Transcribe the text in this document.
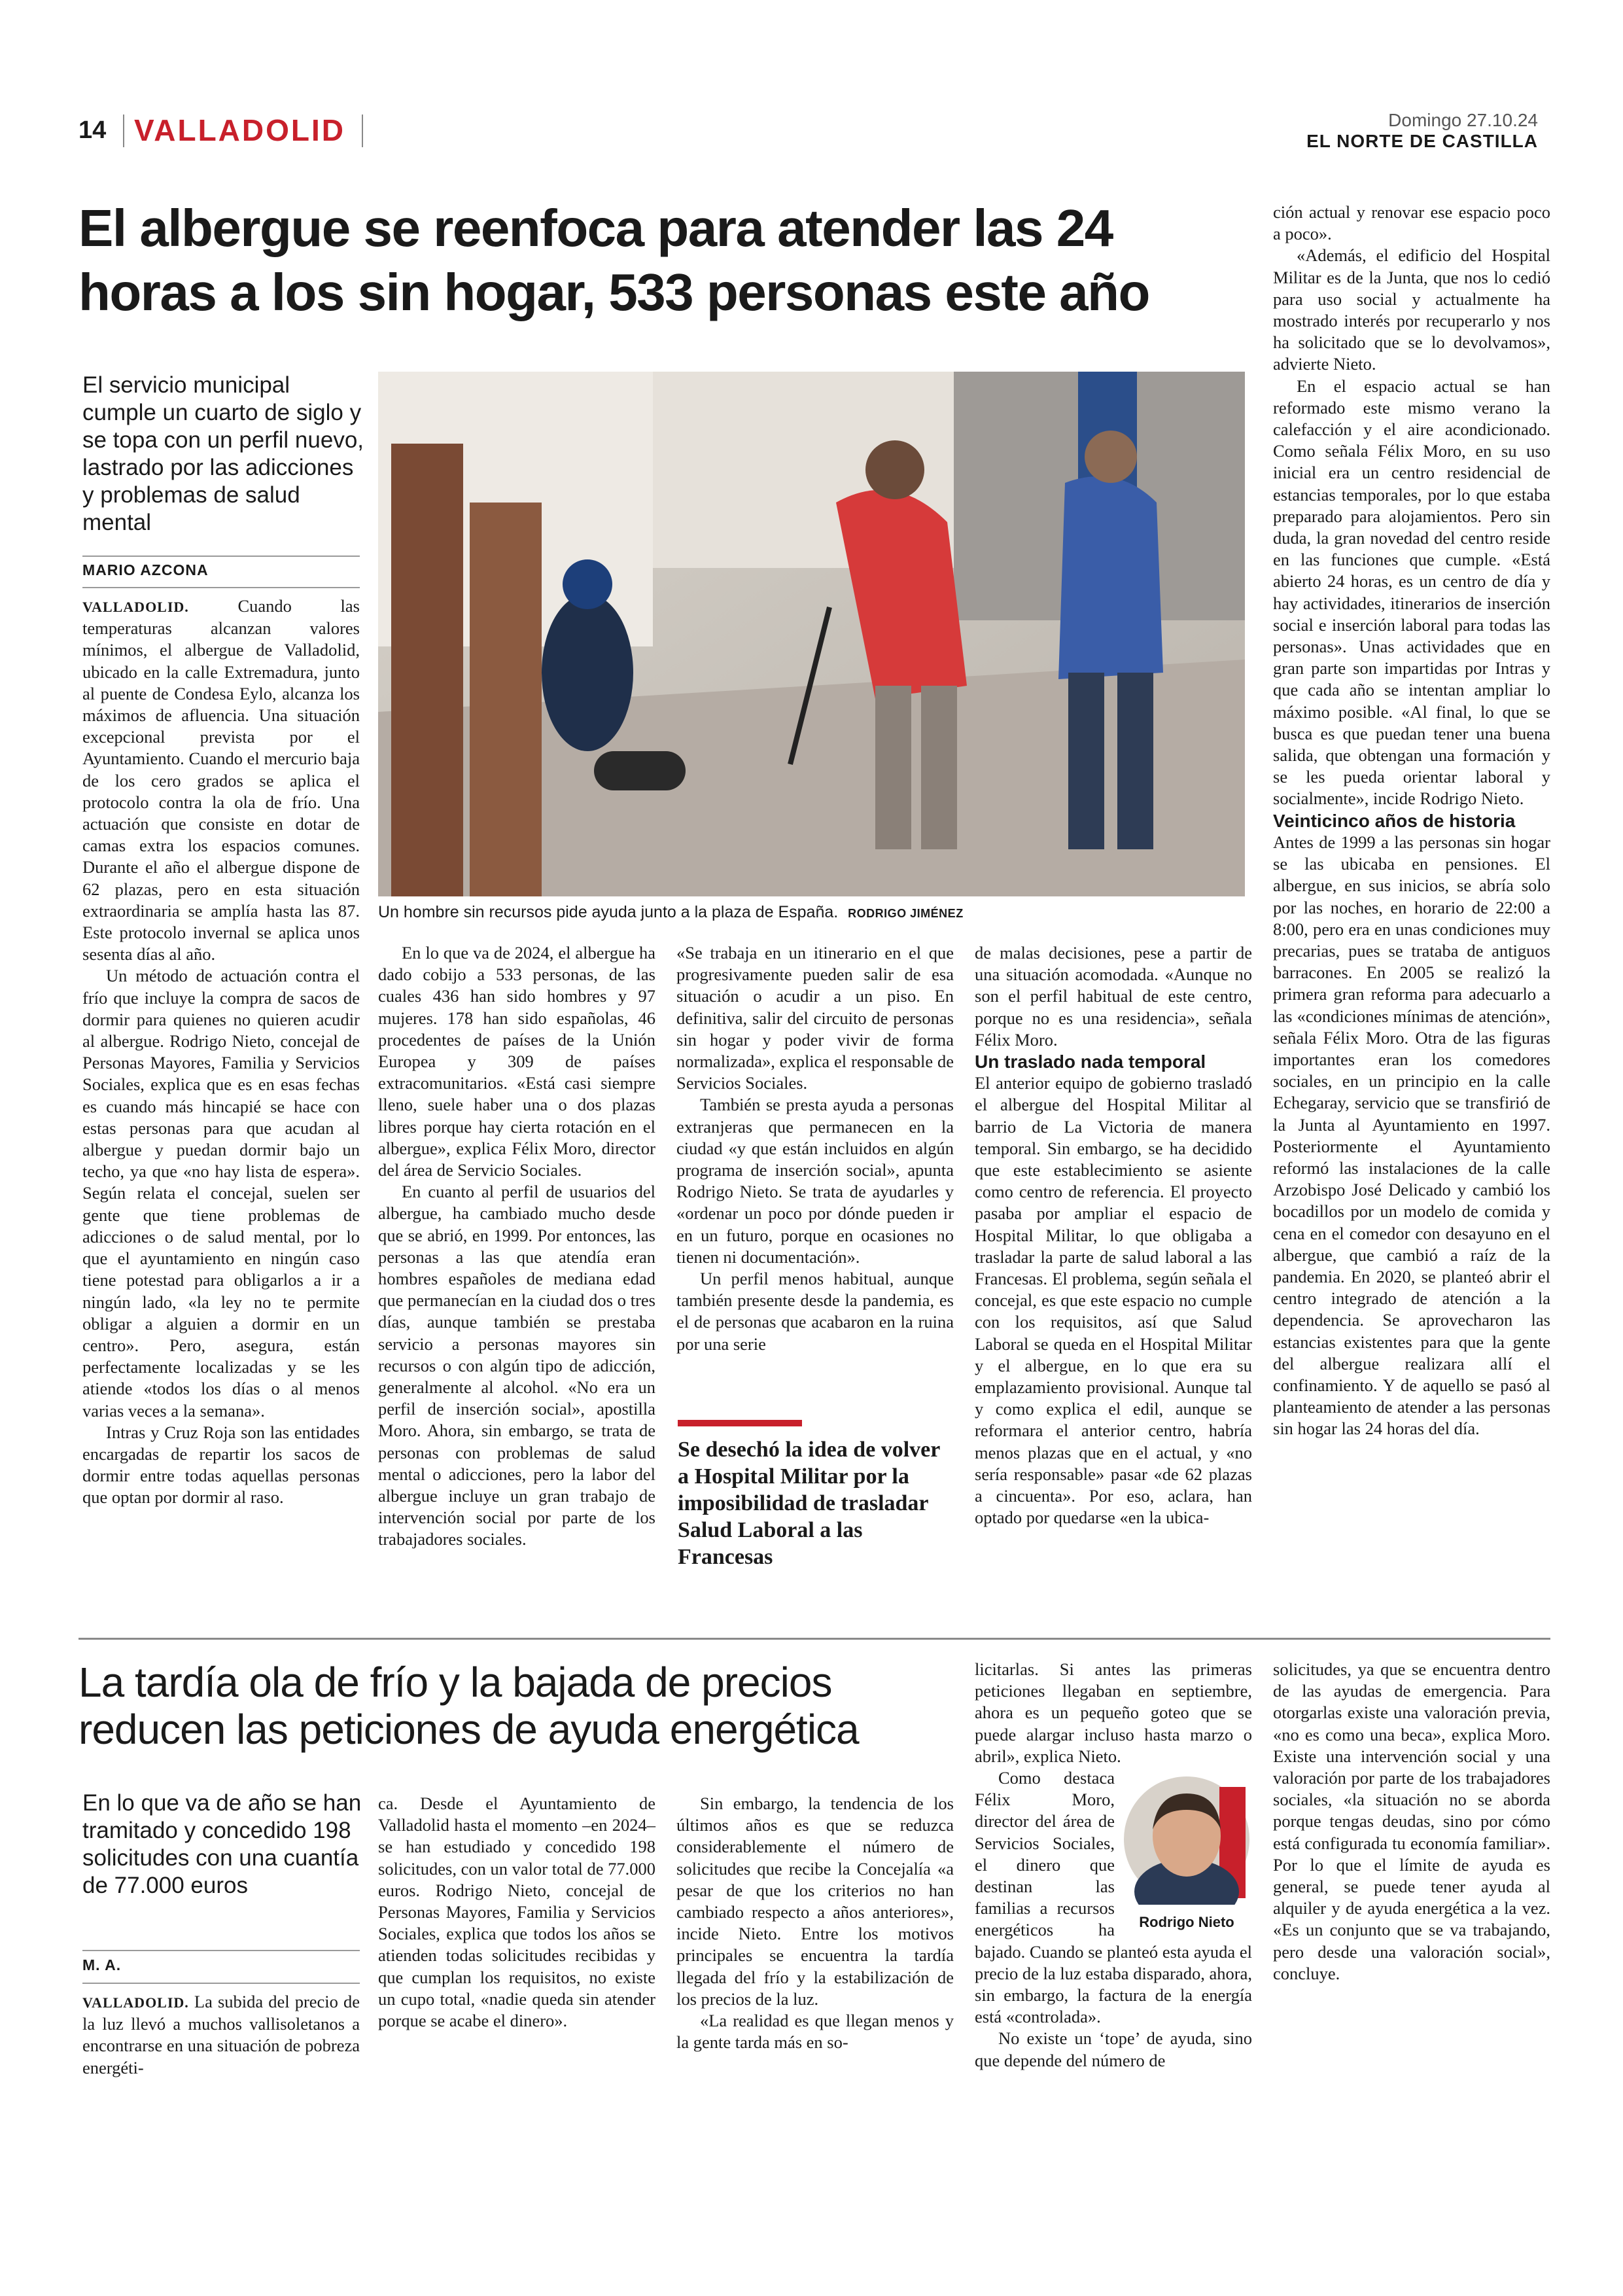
14 VALLADOLID	Domingo 27.10.24
EL NORTE DE CASTILLA
El albergue se reenfoca para atender las 24
horas a los sin hogar, 533 personas este año
El servicio municipal cumple un cuarto de siglo y se topa con un perfil nuevo, lastrado por las adicciones y problemas de salud mental
MARIO AZCONA
Un hombre sin recursos pide ayuda junto a la plaza de España. RODRIGO JIMÉNEZ

VALLADOLID.	Cuando las temperaturas alcanzan valores mínimos, el albergue de Valladolid, ubicado en la calle Extremadura, junto al puente de Condesa Eylo, alcanza los máximos de afluencia. Una situación excepcional prevista por el Ayuntamiento. Cuando el mercurio baja de los cero grados se aplica el protocolo contra la ola de frío. Una actuación que consiste en dotar de camas extra los espacios comunes. Durante el año el albergue dispone de 62 plazas, pero en esta situación extraordinaria se amplía hasta las 87. Este protocolo invernal se aplica unos sesenta días al año.

Un método de actuación contra el frío que incluye la compra de sacos de dormir para quienes no quieren acudir al albergue. Rodrigo Nieto, concejal de Personas Mayores, Familia y Servicios Sociales, explica que es en esas fechas es cuando más hincapié se hace con estas personas para que acudan al albergue y puedan dormir bajo un techo, ya que «no hay lista de espera». Según relata el concejal, suelen ser gente que tiene problemas de adicciones o de salud mental, por lo que el ayuntamiento en ningún caso tiene potestad para obligarlos a ir a ningún lado, «la ley no te permite obligar a alguien a dormir en un centro». Pero, asegura, están perfectamente localizadas y se les atiende «todos los días o al menos varias veces a la semana».

Intras y Cruz Roja son las entidades encargadas de repartir los sacos de dormir entre todas aquellas personas que optan por dormir al raso.

En lo que va de 2024, el albergue ha dado cobijo a 533 personas, de las cuales 436 han sido hombres y 97 mujeres. 178 han sido españolas, 46 procedentes de países de la Unión Europea y 309 de países extracomunitarios. «Está casi siempre lleno, suele haber una o dos plazas libres porque hay cierta rotación en el albergue», explica Félix Moro, director del área de Servicio Sociales.

En cuanto al perfil de usuarios del albergue, ha cambiado mucho desde que se abrió, en 1999. Por entonces, las personas a las que atendía eran hombres españoles de mediana edad que permanecían en la ciudad dos o tres días, aunque también se prestaba servicio a personas mayores sin recursos o con algún tipo de adicción, generalmente al alcohol. «No era un perfil de inserción social», apostilla Moro. Ahora, sin embargo, se trata de personas con problemas de salud mental o adicciones, pero la labor del albergue incluye un gran trabajo de intervención social por parte de los trabajadores sociales.

«Se trabaja en un itinerario en el que progresivamente pueden salir de esa situación o acudir a un piso. En definitiva, salir del circuito de personas sin hogar y poder vivir de forma normalizada», explica el responsable de Servicios Sociales.

También se presta ayuda a personas extranjeras que permanecen en la ciudad «y que están incluidos en algún programa de inserción social», apunta Rodrigo Nieto. Se trata de ayudarles y «ordenar un poco por dónde pueden ir en un futuro, porque en ocasiones no tienen ni documentación».

Un perfil menos habitual, aunque también presente desde la pandemia, es el de personas que acabaron en la ruina por una serie

Se desechó la idea de volver a Hospital Militar por la imposibilidad de trasladar Salud Laboral a las Francesas

de malas decisiones, pese a partir de una situación acomodada. «Aunque no son el perfil habitual de este centro, porque no es una residencia», señala Félix Moro.

Un traslado nada temporal

El anterior equipo de gobierno trasladó el albergue del Hospital Militar al barrio de La Victoria de manera temporal. Sin embargo, se ha decidido que este establecimiento se asiente como centro de referencia. El proyecto pasaba por ampliar el espacio de Hospital Militar, lo que obligaba a trasladar la parte de salud laboral a las Francesas. El problema, según señala el concejal, es que este espacio no cumple con los requisitos, así que Salud Laboral se queda en el Hospital Militar y el albergue, en lo que era su emplazamiento provisional. Aunque tal y como explica el edil, aunque se reformara el anterior centro, habría menos plazas que en el actual, y «no sería responsable» pasar «de 62 plazas a cincuenta». Por eso, aclara, han optado por quedarse «en la ubica-

ción actual y renovar ese espacio poco a poco».

«Además, el edificio del Hospital Militar es de la Junta, que nos lo cedió para uso social y actualmente ha mostrado interés por recuperarlo y nos ha solicitado que se lo devolvamos», advierte Nieto.

En el espacio actual se han reformado este mismo verano la calefacción y el aire acondicionado. Como señala Félix Moro, en su uso inicial era un centro residencial de estancias temporales, por lo que estaba preparado para alojamientos. Pero sin duda, la gran novedad del centro reside en las funciones que cumple. «Está abierto 24 horas, es un centro de día y hay actividades, itinerarios de inserción social e inserción laboral para todas las personas». Unas actividades que en gran parte son impartidas por Intras y que cada año se intentan ampliar lo máximo posible. «Al final, lo que se busca es que puedan tener una buena salida, que obtengan una formación y se les pueda orientar laboral y socialmente», incide Rodrigo Nieto.

Veinticinco años de historia

Antes de 1999 a las personas sin hogar se las ubicaba en pensiones. El albergue, en sus inicios, se abría solo por las noches, en horario de 22:00 a 8:00, pero era en unas condiciones muy precarias, pues se trataba de antiguos barracones. En 2005 se realizó la primera gran reforma para adecuarlo a las «condiciones mínimas de atención», señala Félix Moro. Otra de las figuras importantes eran los comedores sociales, en un principio en la calle Echegaray, servicio que se transfirió de la Junta al Ayuntamiento en 1997. Posteriormente el Ayuntamiento reformó las instalaciones de la calle Arzobispo José Delicado y cambió los bocadillos por un modelo de comida y cena en el comedor con desayuno en el albergue, que cambió a raíz de la pandemia. En 2020, se planteó abrir el centro integrado de atención a la dependencia. Se aprovecharon las estancias existentes para que la gente del albergue realizara allí el confinamiento. Y de aquello se pasó al planteamiento de atender a las personas sin hogar las 24 horas del día.

La tardía ola de frío y la bajada de precios
reducen las peticiones de ayuda energética
En lo que va de año se han tramitado y concedido 198 solicitudes con una cuantía de 77.000 euros
M. A.

VALLADOLID. La subida del precio de la luz llevó a muchos vallisoletanos a encontrarse en una situación de pobreza energéti-

ca. Desde el Ayuntamiento de Valladolid hasta el momento –en 2024– se han estudiado y concedido 198 solicitudes, con un valor total de 77.000 euros. Rodrigo Nieto, concejal de Personas Mayores, Familia y Servicios Sociales, explica que todos los años se atienden todas solicitudes recibidas y que cumplan los requisitos, no existe un cupo total, «nadie queda sin atender porque se acabe el dinero».

Sin embargo, la tendencia de los últimos años es que se reduzca considerablemente el número de solicitudes que recibe la Concejalía «a pesar de que los criterios no han cambiado respecto a años anteriores», incide Nieto. Entre los motivos principales se encuentra la tardía llegada del frío y la estabilización de los precios de la luz.

«La realidad es que llegan menos y la gente tarda más en so-

licitarlas. Si antes las primeras peticiones llegaban en septiembre, ahora es un pequeño goteo que se puede alargar incluso hasta marzo o abril», explica Nieto.

Rodrigo Nieto

Como destaca Félix Moro, director del área de Servicios Sociales, el dinero que destinan las familias a recursos energéticos ha bajado. Cuando se planteó esta ayuda el precio de la luz estaba disparado, ahora, sin embargo, la factura de la energía está «controlada».

No existe un ‘tope’ de ayuda, sino que depende del número de

solicitudes, ya que se encuentra dentro de las ayudas de emergencia. Para otorgarlas existe una valoración previa, «no es como una beca», explica Moro. Existe una intervención social y una valoración por parte de los trabajadores sociales, «la situación no se aborda porque tengas deudas, sino por cómo está configurada tu economía familiar». Por lo que el límite de ayuda es general, se puede tener ayuda al alquiler y de ayuda energética a la vez. «Es un conjunto que se va trabajando, pero desde una valoración social», concluye.
